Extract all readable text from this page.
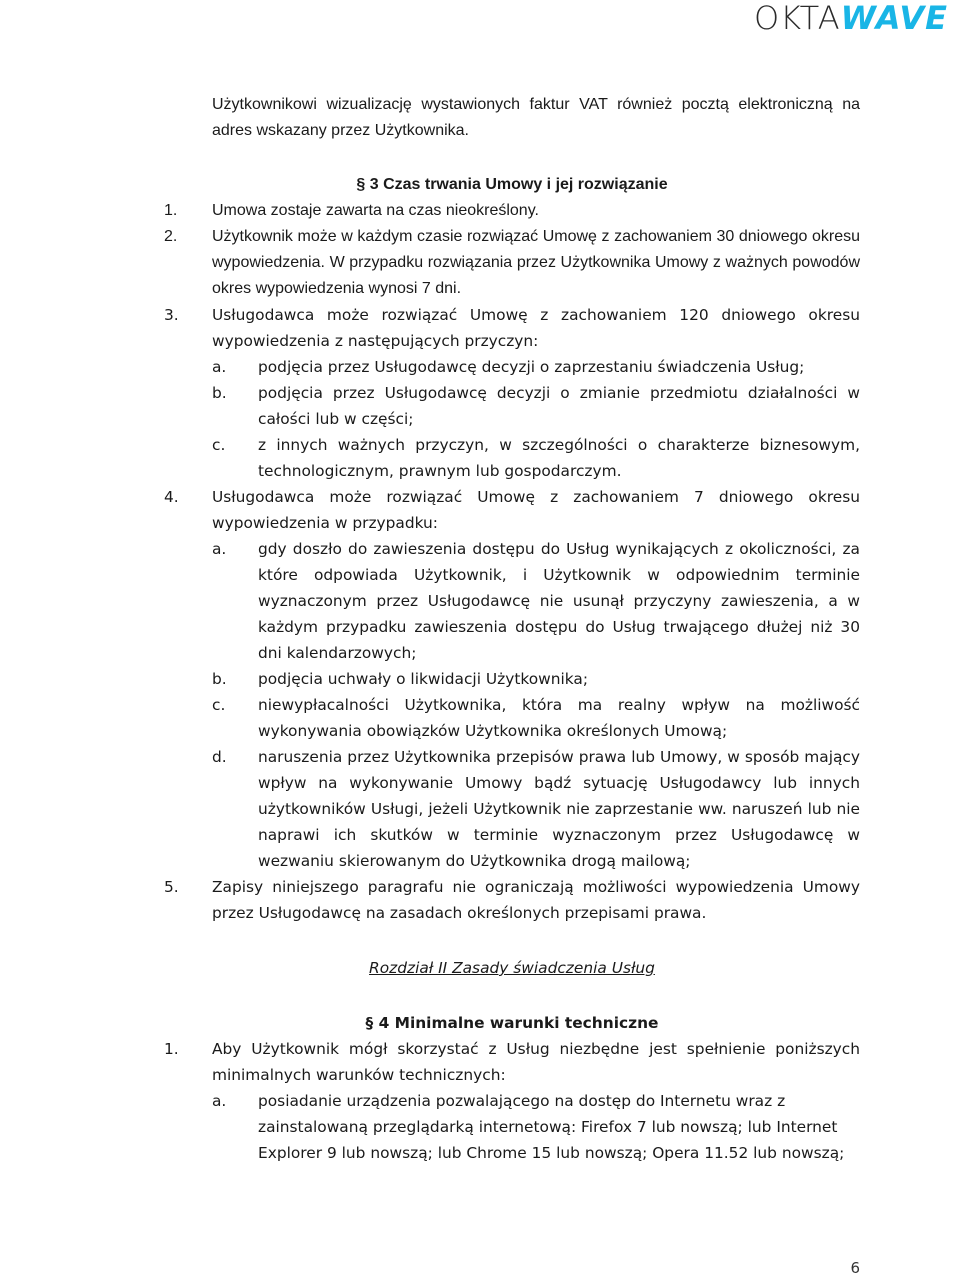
OKTAWAVE

Użytkownikowi wizualizację wystawionych faktur VAT również pocztą elektroniczną na adres wskazany przez Użytkownika.

§ 3 Czas trwania Umowy i jej rozwiązanie

1.	Umowa zostaje zawarta na czas nieokreślony.
2.	Użytkownik może w każdym czasie rozwiązać Umowę z zachowaniem 30 dniowego okresu wypowiedzenia. W przypadku rozwiązania przez Użytkownika Umowy z ważnych powodów okres wypowiedzenia wynosi 7 dni.
3.	Usługodawca może rozwiązać Umowę z zachowaniem 120 dniowego okresu wypowiedzenia z następujących przyczyn:
a.	podjęcia przez Usługodawcę decyzji o zaprzestaniu świadczenia Usług;
b.	podjęcia przez Usługodawcę decyzji o zmianie przedmiotu działalności w całości lub w części;
c.	z innych ważnych przyczyn, w szczególności o charakterze biznesowym, technologicznym, prawnym lub gospodarczym.
4.	Usługodawca może rozwiązać Umowę z zachowaniem 7 dniowego okresu wypowiedzenia w przypadku:
a.	gdy doszło do zawieszenia dostępu do Usług wynikających z okoliczności, za które odpowiada Użytkownik, i Użytkownik w odpowiednim terminie wyznaczonym przez Usługodawcę nie usunął przyczyny zawieszenia, a w każdym przypadku zawieszenia dostępu do Usług trwającego dłużej niż 30 dni kalendarzowych;
b.	podjęcia uchwały o likwidacji Użytkownika;
c.	niewypłacalności Użytkownika, która ma realny wpływ na możliwość wykonywania obowiązków Użytkownika określonych Umową;
d.	naruszenia przez Użytkownika przepisów prawa lub Umowy, w sposób mający wpływ na wykonywanie Umowy bądź sytuację Usługodawcy lub innych użytkowników Usługi, jeżeli Użytkownik nie zaprzestanie ww. naruszeń lub nie naprawi ich skutków w terminie wyznaczonym przez Usługodawcę w wezwaniu skierowanym do Użytkownika drogą mailową;
5.	Zapisy niniejszego paragrafu nie ograniczają możliwości wypowiedzenia Umowy przez Usługodawcę na zasadach określonych przepisami prawa.

Rozdział II Zasady świadczenia Usług

§ 4 Minimalne warunki techniczne

1.	Aby Użytkownik mógł skorzystać z Usług niezbędne jest spełnienie poniższych minimalnych warunków technicznych:
a.	posiadanie urządzenia pozwalającego na dostęp do Internetu wraz z zainstalowaną przeglądarką internetową: Firefox 7 lub nowszą; lub Internet Explorer 9 lub nowszą; lub Chrome 15 lub nowszą; Opera 11.52 lub nowszą;
6
